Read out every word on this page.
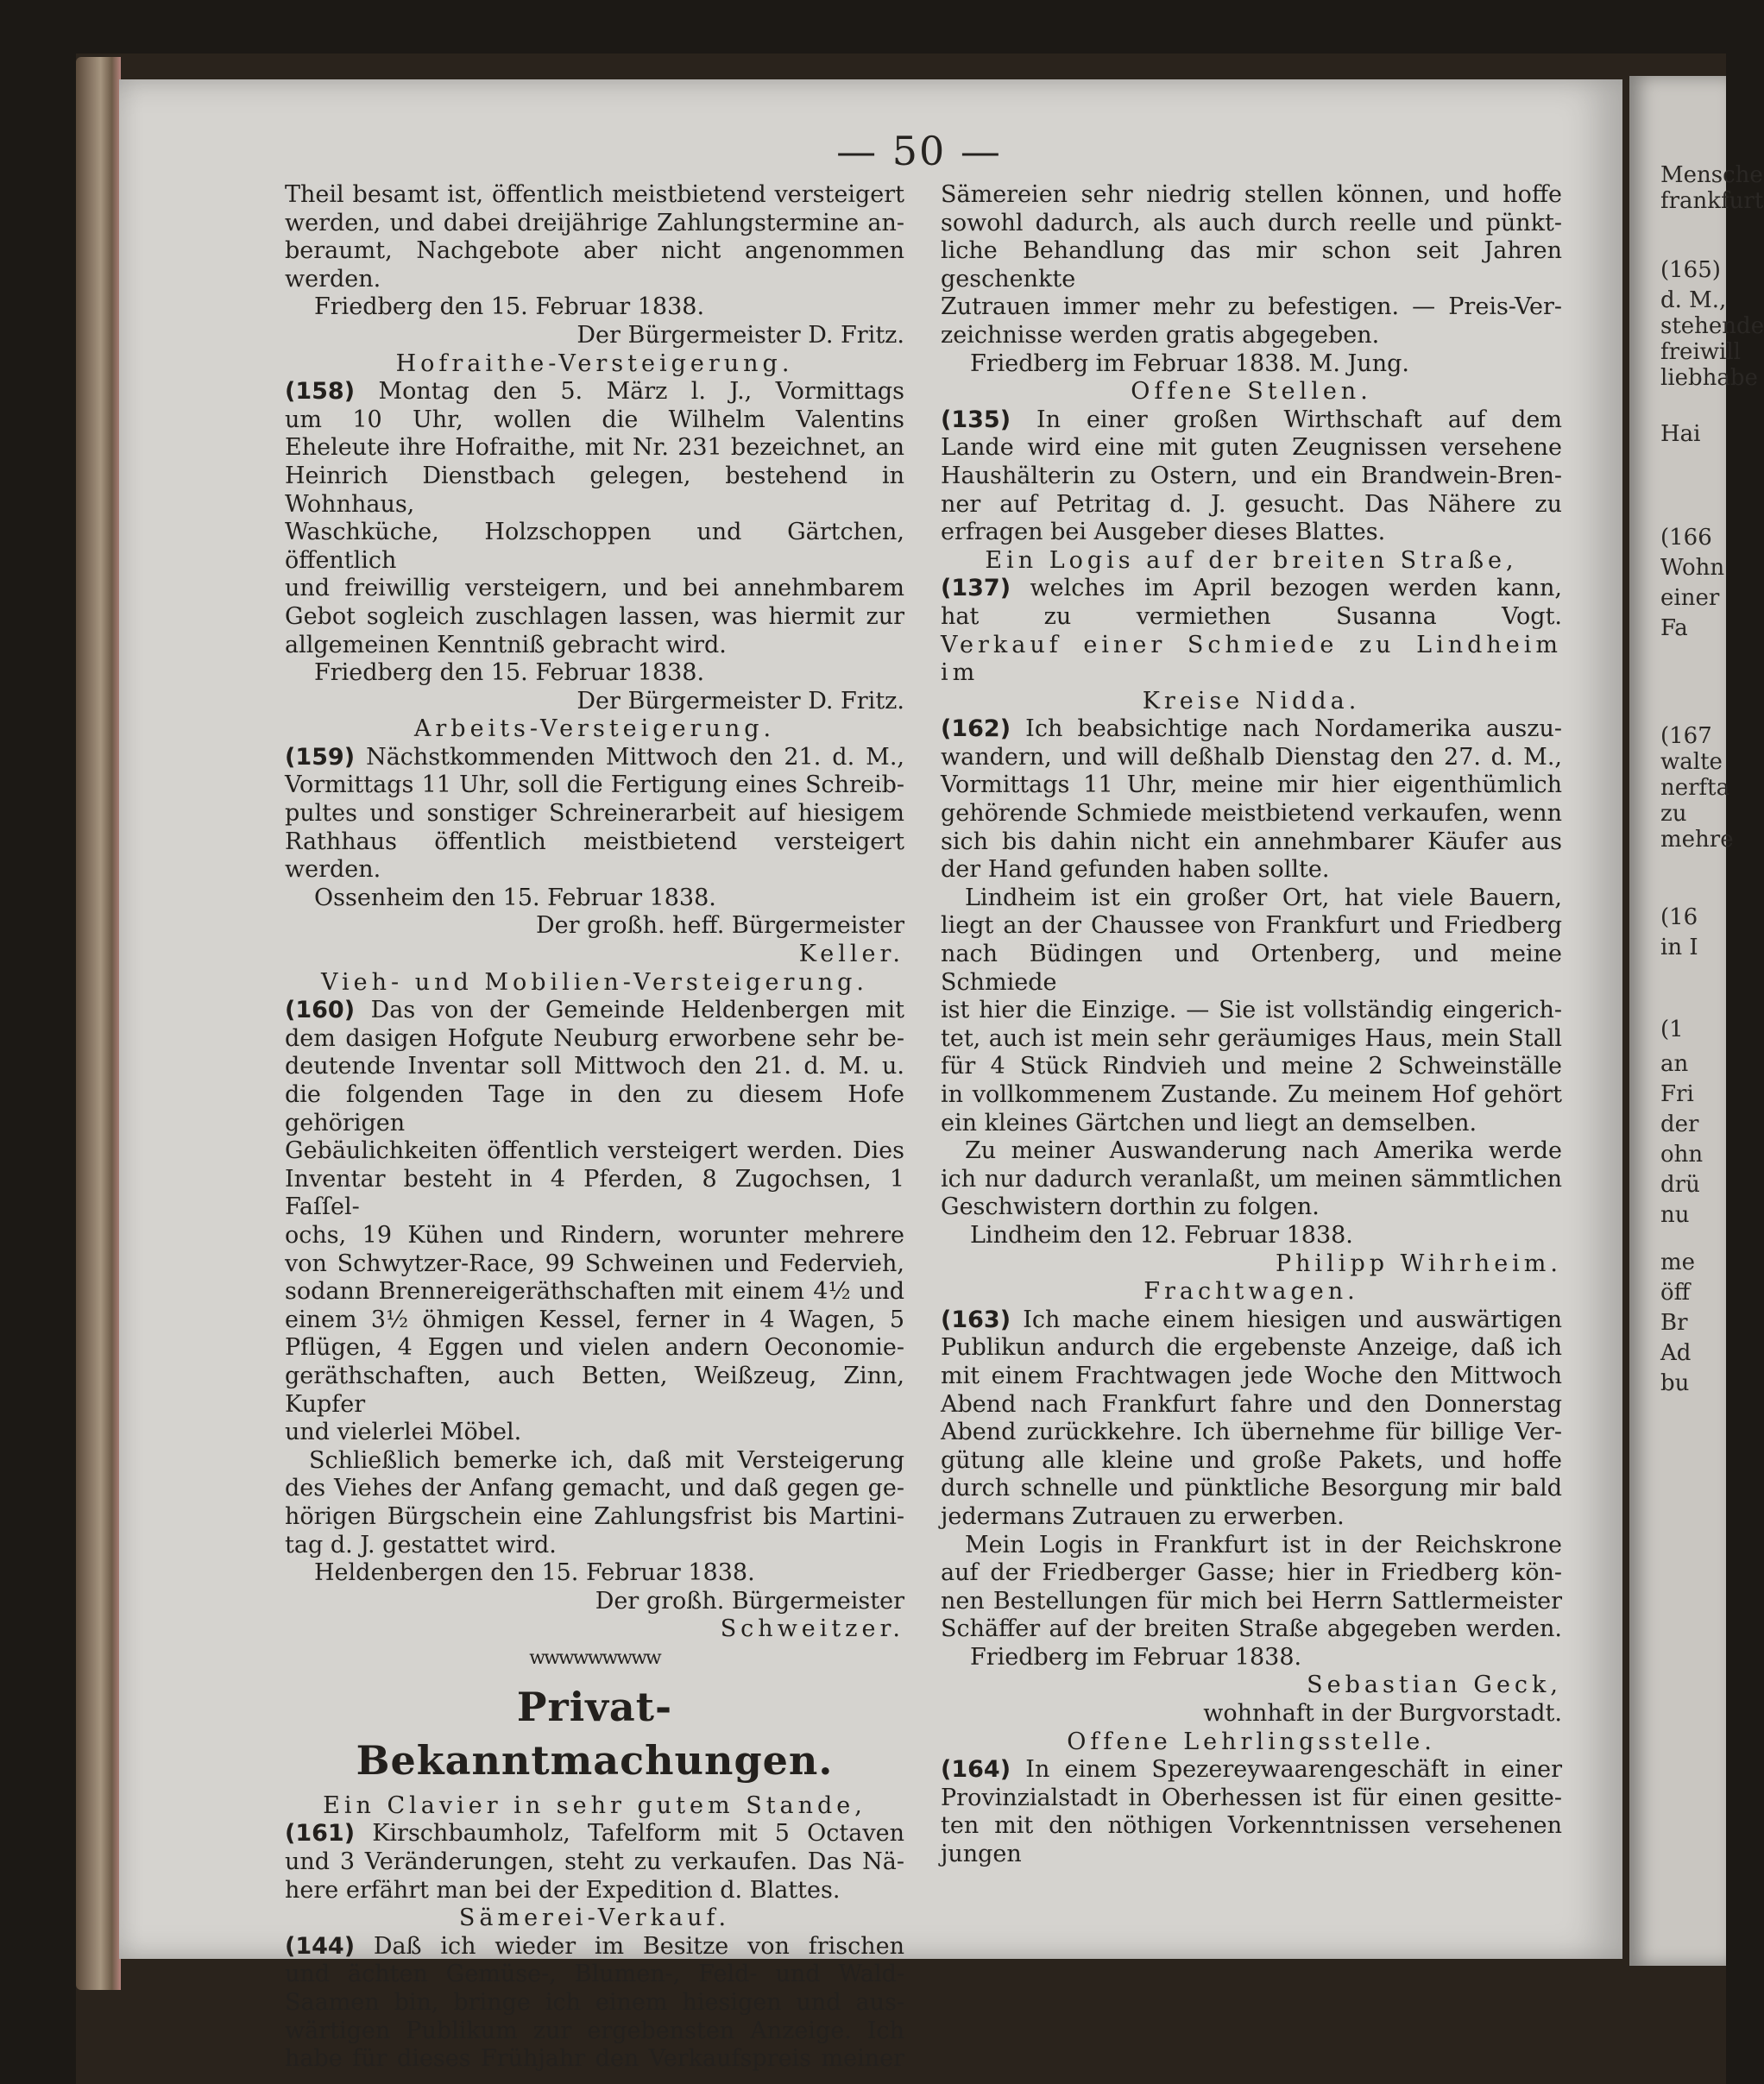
Mensche
frankfurt
(165)
d. M.,
stehende
freiwill
liebhabe
Hai
(166
Wohn
einer
Fa
(167
walte
nerfta
zu
mehre
(16
in I
(1
an
Fri
der
ohn
drü
nu
me
öff
Br
Ad
bu
— 50 —

Theil besamt ist, öffentlich meistbietend versteigert

werden, und dabei dreijährige Zahlungstermine an-

beraumt, Nachgebote aber nicht angenommen werden.

Friedberg den 15. Februar 1838.

Der Bürgermeister D. Fritz.

Hofraithe-Versteigerung.

(158) Montag den 5. März l. J., Vormittags

um 10 Uhr, wollen die Wilhelm Valentins

Eheleute ihre Hofraithe, mit Nr. 231 bezeichnet, an

Heinrich Dienstbach gelegen, bestehend in Wohnhaus,

Waschküche, Holzschoppen und Gärtchen, öffentlich

und freiwillig versteigern, und bei annehmbarem

Gebot sogleich zuschlagen lassen, was hiermit zur

allgemeinen Kenntniß gebracht wird.

Friedberg den 15. Februar 1838.

Der Bürgermeister D. Fritz.

Arbeits-Versteigerung.

(159) Nächstkommenden Mittwoch den 21. d. M.,

Vormittags 11 Uhr, soll die Fertigung eines Schreib-

pultes und sonstiger Schreinerarbeit auf hiesigem

Rathhaus öffentlich meistbietend versteigert werden.

Ossenheim den 15. Februar 1838.

Der großh. heff. Bürgermeister

Keller.

Vieh- und Mobilien-Versteigerung.

(160) Das von der Gemeinde Heldenbergen mit

dem dasigen Hofgute Neuburg erworbene sehr be-

deutende Inventar soll Mittwoch den 21. d. M. u.

die folgenden Tage in den zu diesem Hofe gehörigen

Gebäulichkeiten öffentlich versteigert werden. Dies

Inventar besteht in 4 Pferden, 8 Zugochsen, 1 Faſſel-

ochs, 19 Kühen und Rindern, worunter mehrere

von Schwytzer-Race, 99 Schweinen und Federvieh,

sodann Brennereigeräthschaften mit einem 4½ und

einem 3½ öhmigen Kessel, ferner in 4 Wagen, 5

Pflügen, 4 Eggen und vielen andern Oeconomie-

geräthschaften, auch Betten, Weißzeug, Zinn, Kupfer

und vielerlei Möbel.

Schließlich bemerke ich, daß mit Versteigerung

des Viehes der Anfang gemacht, und daß gegen ge-

hörigen Bürgschein eine Zahlungsfrist bis Martini-

tag d. J. gestattet wird.

Heldenbergen den 15. Februar 1838.

Der großh. Bürgermeister

Schweitzer.

wwwwwwwww

Privat-Bekanntmachungen.

Ein Clavier in sehr gutem Stande,

(161) Kirschbaumholz, Tafelform mit 5 Octaven

und 3 Veränderungen, steht zu verkaufen. Das Nä-

here erfährt man bei der Expedition d. Blattes.

Sämerei-Verkauf.

(144) Daß ich wieder im Besitze von frischen

und ächten Gemüse-, Blumen-, Feld- und Wald-

Saamen bin, bringe ich einem hiesigen und aus-

wärtigen Publikum zur ergebensten Anzeige. Ich

habe für dieses Frühjahr den Verkaufspreis meiner

Sämereien sehr niedrig stellen können, und hoffe

sowohl dadurch, als auch durch reelle und pünkt-

liche Behandlung das mir schon seit Jahren geschenkte

Zutrauen immer mehr zu befestigen. — Preis-Ver-

zeichnisse werden gratis abgegeben.

Friedberg im Februar 1838. M. Jung.

Offene Stellen.

(135) In einer großen Wirthschaft auf dem

Lande wird eine mit guten Zeugnissen versehene

Haushälterin zu Ostern, und ein Brandwein-Bren-

ner auf Petritag d. J. gesucht. Das Nähere zu

erfragen bei Ausgeber dieses Blattes.

Ein Logis auf der breiten Straße,

(137) welches im April bezogen werden kann,

hat zu vermiethen Susanna Vogt.

Verkauf einer Schmiede zu Lindheim im

Kreise Nidda.

(162) Ich beabsichtige nach Nordamerika auszu-

wandern, und will deßhalb Dienstag den 27. d. M.,

Vormittags 11 Uhr, meine mir hier eigenthümlich

gehörende Schmiede meistbietend verkaufen, wenn

sich bis dahin nicht ein annehmbarer Käufer aus

der Hand gefunden haben sollte.

Lindheim ist ein großer Ort, hat viele Bauern,

liegt an der Chaussee von Frankfurt und Friedberg

nach Büdingen und Ortenberg, und meine Schmiede

ist hier die Einzige. — Sie ist vollständig eingerich-

tet, auch ist mein sehr geräumiges Haus, mein Stall

für 4 Stück Rindvieh und meine 2 Schweinställe

in vollkommenem Zustande. Zu meinem Hof gehört

ein kleines Gärtchen und liegt an demselben.

Zu meiner Auswanderung nach Amerika werde

ich nur dadurch veranlaßt, um meinen sämmtlichen

Geschwistern dorthin zu folgen.

Lindheim den 12. Februar 1838.

Philipp Wihrheim.

Frachtwagen.

(163) Ich mache einem hiesigen und auswärtigen

Publikun andurch die ergebenste Anzeige, daß ich

mit einem Frachtwagen jede Woche den Mittwoch

Abend nach Frankfurt fahre und den Donnerstag

Abend zurückkehre. Ich übernehme für billige Ver-

gütung alle kleine und große Pakets, und hoffe

durch schnelle und pünktliche Besorgung mir bald

jedermans Zutrauen zu erwerben.

Mein Logis in Frankfurt ist in der Reichskrone

auf der Friedberger Gasse; hier in Friedberg kön-

nen Bestellungen für mich bei Herrn Sattlermeister

Schäffer auf der breiten Straße abgegeben werden.

Friedberg im Februar 1838.

Sebastian Geck,

wohnhaft in der Burgvorstadt.

Offene Lehrlingsstelle.

(164) In einem Spezereywaarengeschäft in einer

Provinzialstadt in Oberhessen ist für einen gesitte-

ten mit den nöthigen Vorkenntnissen versehenen jungen
